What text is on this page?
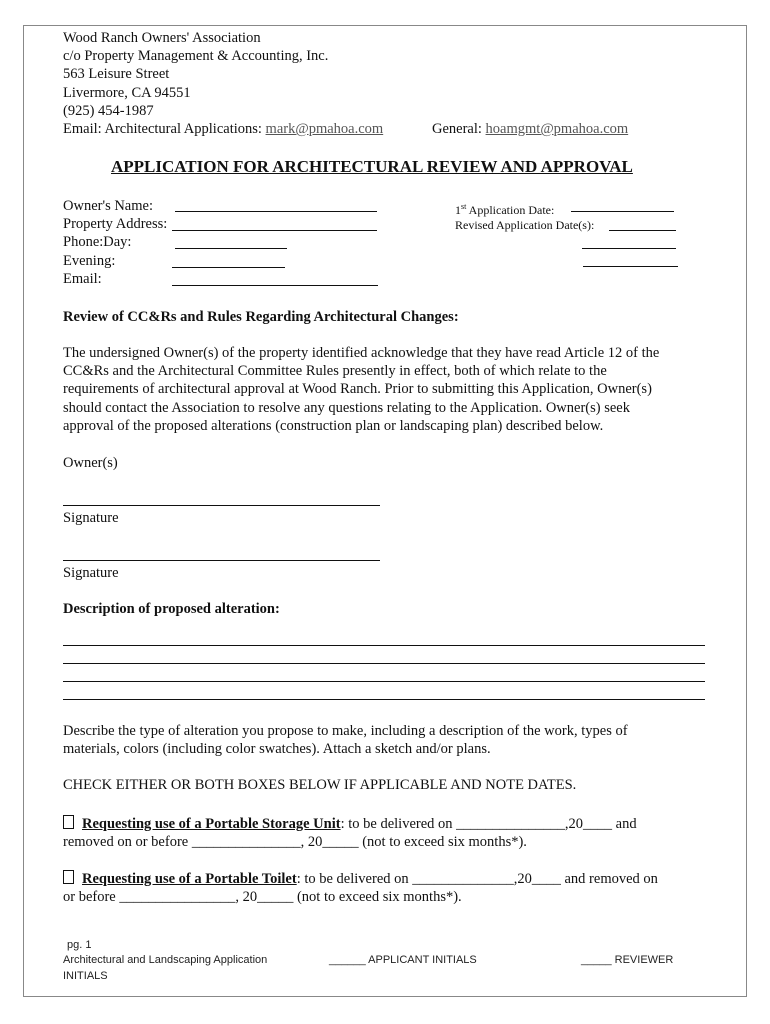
Wood Ranch Owners' Association
c/o Property Management & Accounting, Inc.
563 Leisure Street
Livermore, CA 94551
(925) 454-1987
Email: Architectural Applications: mark@pmahoa.com	General: hoamgmt@pmahoa.com
APPLICATION FOR ARCHITECTURAL REVIEW AND APPROVAL
Owner's Name:
Property Address:
Phone:Day:
Evening:
Email:
1st Application Date:
Revised Application Date(s):
Review of CC&Rs and Rules Regarding Architectural Changes:
The undersigned Owner(s) of the property identified acknowledge that they have read Article 12 of the
CC&Rs and the Architectural Committee Rules presently in effect, both of which relate to the
requirements of architectural approval at Wood Ranch. Prior to submitting this Application, Owner(s)
should contact the Association to resolve any questions relating to the Application. Owner(s) seek
approval of the proposed alterations (construction plan or landscaping plan) described below.
Owner(s)
Signature
Signature
Description of proposed alteration:
Describe the type of alteration you propose to make, including a description of the work, types of
materials, colors (including color swatches). Attach a sketch and/or plans.
CHECK EITHER OR BOTH BOXES BELOW IF APPLICABLE AND NOTE DATES.
Requesting use of a Portable Storage Unit: to be delivered on _______________,20____ and
removed on or before _______________, 20_____ (not to exceed six months*).
Requesting use of a Portable Toilet: to be delivered on ______________,20____ and removed on
or before ________________, 20_____ (not to exceed six months*).
pg. 1
Architectural and Landscaping Application
INITIALS
______ APPLICANT INITIALS	_____ REVIEWER
